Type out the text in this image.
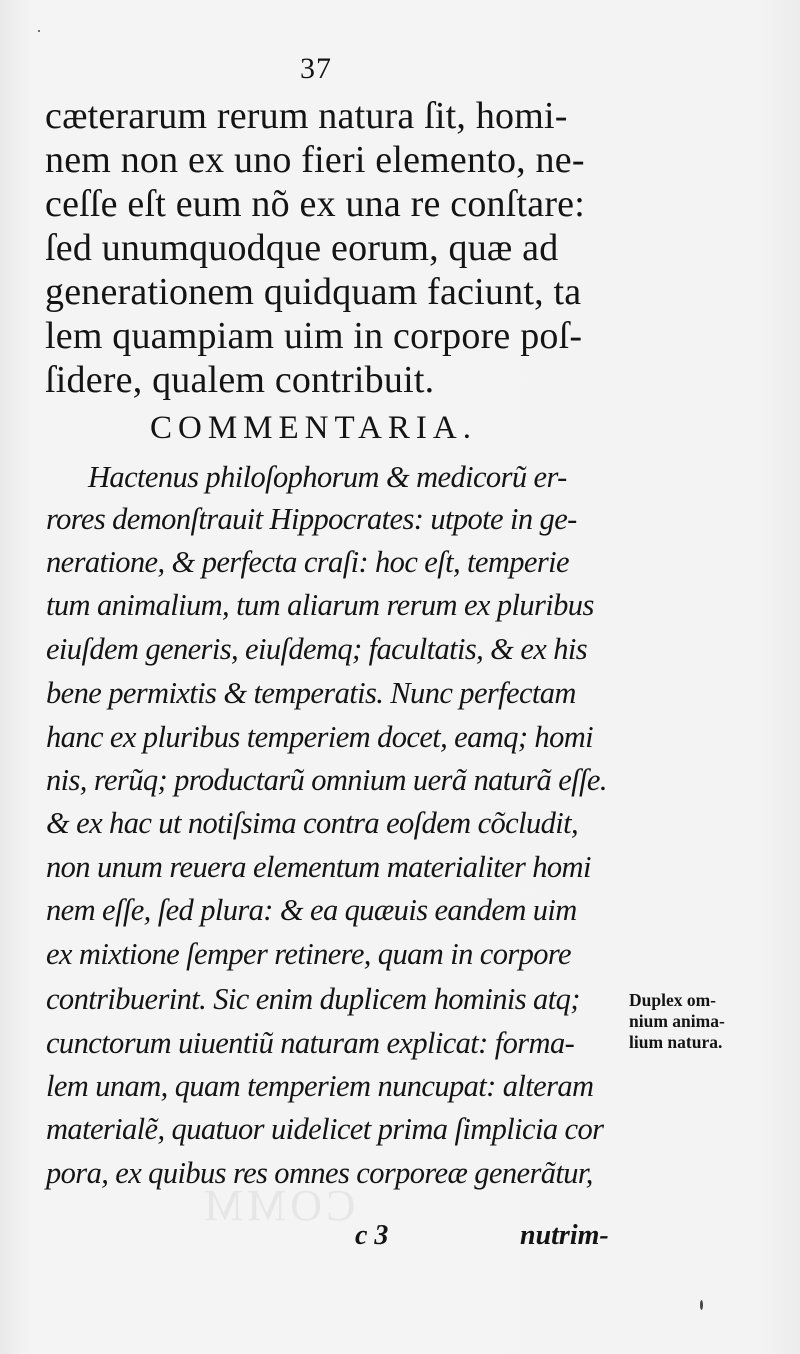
COMM
37
cæterarum rerum natura ſit, homi-
nem non ex uno fieri elemento, ne-
ceſſe eſt eum nõ ex una re conſtare:
ſed unumquodque eorum, quæ ad
generationem quidquam faciunt, ta
lem quampiam uim in corpore poſ-
ſidere, qualem contribuit.
COMMENTARIA.
Hactenus philoſophorum & medicorũ er-
rores demonſtrauit Hippocrates: utpote in ge-
neratione, & perfecta craſi: hoc eſt, temperie
tum animalium, tum aliarum rerum ex pluribus
eiuſdem generis, eiuſdemq; facultatis, & ex his
bene permixtis & temperatis. Nunc perfectam
hanc ex pluribus temperiem docet, eamq; homi
nis, rerũq; productarũ omnium uerã naturã eſſe.
& ex hac ut notiſsima contra eoſdem cõcludit,
non unum reuera elementum materialiter homi
nem eſſe, ſed plura: & ea quæuis eandem uim
ex mixtione ſemper retinere, quam in corpore
contribuerint. Sic enim duplicem hominis atq;
cunctorum uiuentiũ naturam explicat: forma-
lem unam, quam temperiem nuncupat: alteram
materialẽ, quatuor uidelicet prima ſimplicia cor
pora, ex quibus res omnes corporeæ generãtur,
Duplex om-
nium anima-
lium natura.
c 3	nutrim-
